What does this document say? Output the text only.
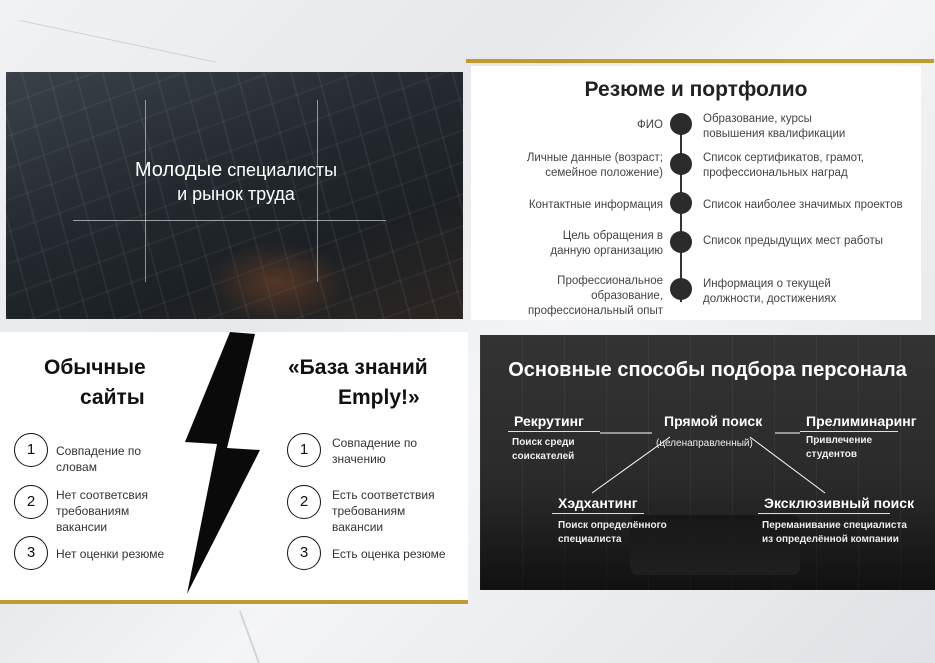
Молодые специалисты
и рынок труда
Резюме и портфолио
ФИО
Личные данные (возраст; семейное положение)
Контактные информация
Цель обращения в данную организацию
Профессиональное образование, профессиональный опыт
Образование, курсы повышения квалификации
Список сертификатов, грамот, профессиональных наград
Список наиболее значимых проектов
Список предыдущих мест работы
Информация о текущей должности, достижениях
Обычные
сайты
«База знаний
Emply!»
1
2
3
Совпадение по словам
Нет соответсвия требованиям вакансии
Нет оценки резюме
1
2
3
Совпадение по значению
Есть соответствия требованиям вакансии
Есть оценка резюме
Основные способы подбора персонала
Рекрутинг
Поиск среди соискателей
Прямой поиск
(целенаправленный)
Прелиминаринг
Привлечение студентов
Хэдхантинг
Поиск определённого специалиста
Эксклюзивный поиск
Переманивание специалиста из определённой компании
